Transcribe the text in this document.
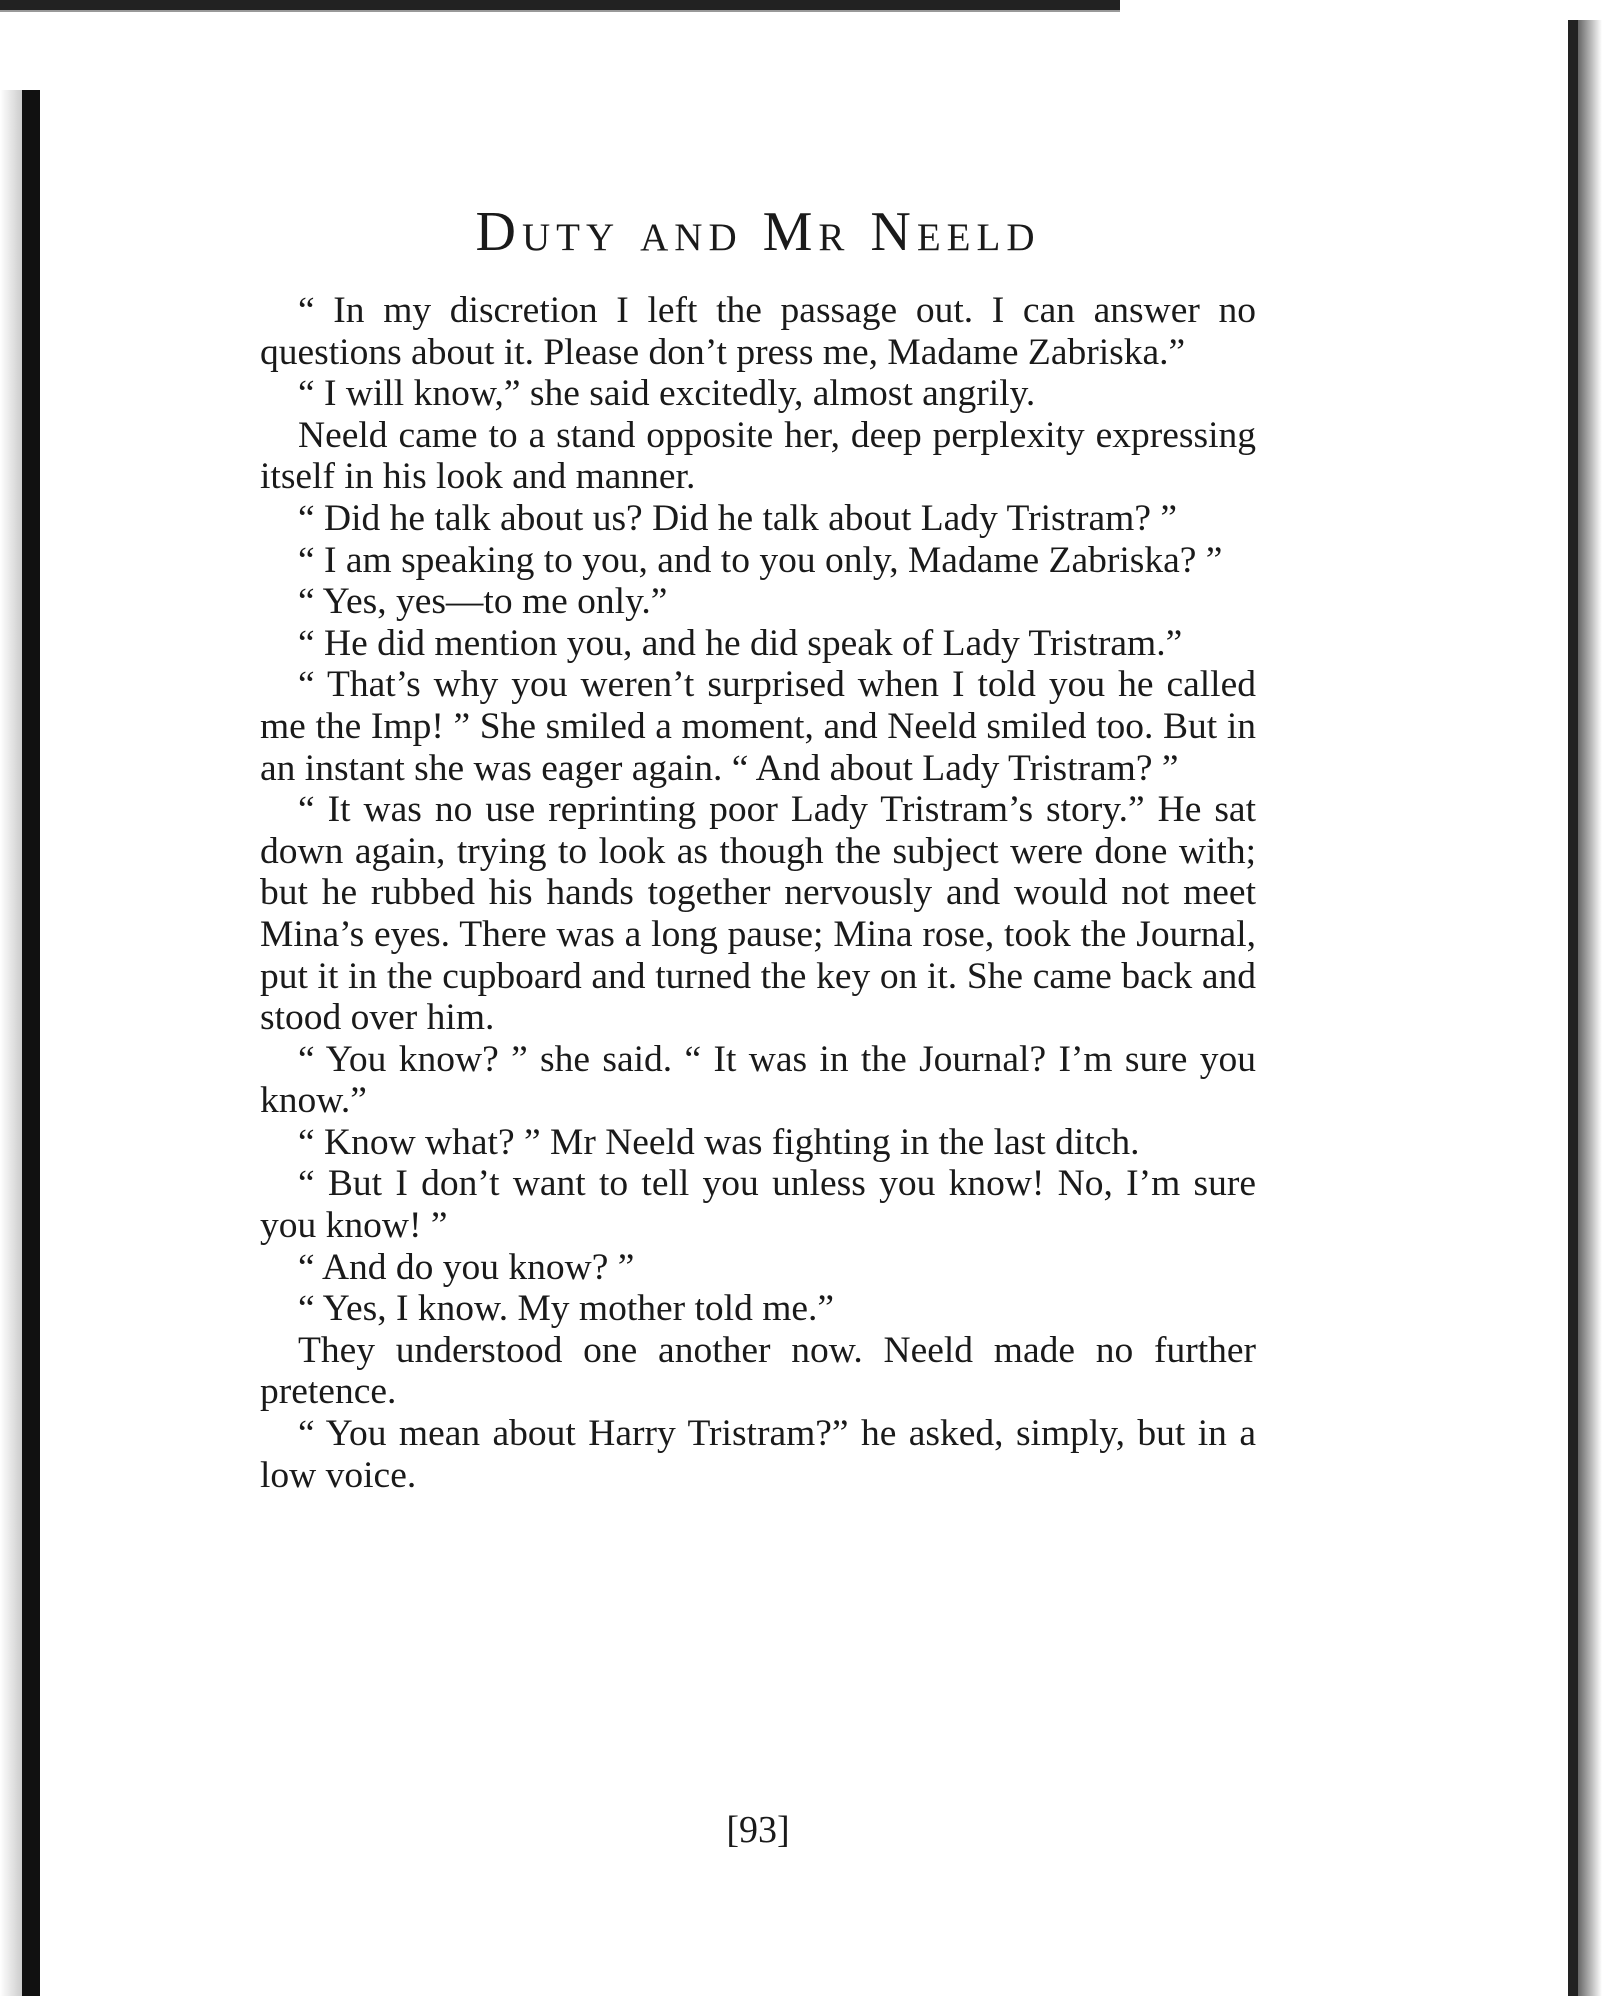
Duty and Mr Neeld

“ In my discretion I left the passage out. I can answer no questions about it. Please don’t press me, Madame Zabriska.”

“ I will know,” she said excitedly, almost angrily.

Neeld came to a stand opposite her, deep perplexity expressing itself in his look and manner.

“ Did he talk about us? Did he talk about Lady Tristram? ”

“ I am speaking to you, and to you only, Madame Zabriska? ”

“ Yes, yes—to me only.”

“ He did mention you, and he did speak of Lady Tristram.”

“ That’s why you weren’t surprised when I told you he called me the Imp! ” She smiled a moment, and Neeld smiled too. But in an instant she was eager again. “ And about Lady Tristram? ”

“ It was no use reprinting poor Lady Tristram’s story.” He sat down again, trying to look as though the subject were done with; but he rubbed his hands together nervously and would not meet Mina’s eyes. There was a long pause; Mina rose, took the Journal, put it in the cupboard and turned the key on it. She came back and stood over him.

“ You know? ” she said. “ It was in the Journal? I’m sure you know.”

“ Know what? ” Mr Neeld was fighting in the last ditch.

“ But I don’t want to tell you unless you know! No, I’m sure you know! ”

“ And do you know? ”

“ Yes, I know. My mother told me.”

They understood one another now. Neeld made no further pretence.

“ You mean about Harry Tristram?” he asked, simply, but in a low voice.

[93]
